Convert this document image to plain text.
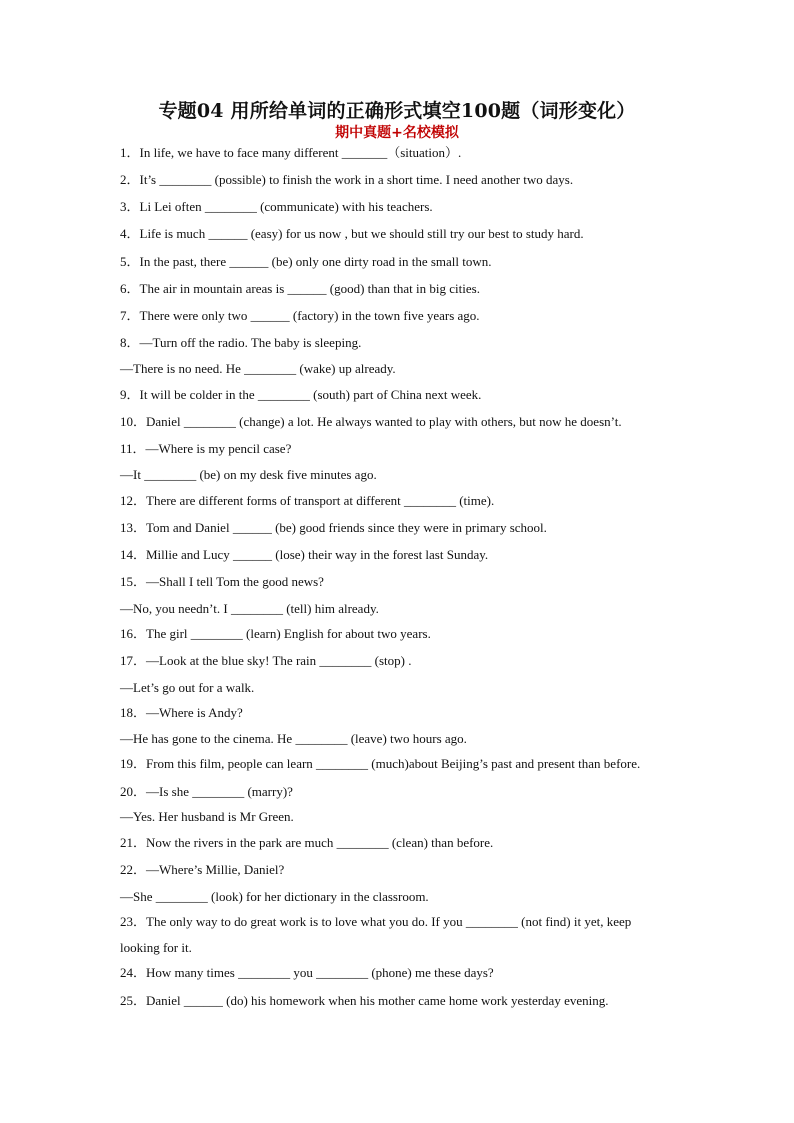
专题04 用所给单词的正确形式填空100题（词形变化）
期中真题+名校模拟
1．In life, we have to face many different _______（situation）.
2．It’s ________ (possible) to finish the work in a short time. I need another two days.
3．Li Lei often ________ (communicate) with his teachers.
4．Life is much ______ (easy) for us now , but we should still try our best to study hard.
5．In the past, there ______ (be) only one dirty road in the small town.
6．The air in mountain areas is ______ (good) than that in big cities.
7．There were only two ______ (factory) in the town five years ago.
8．—Turn off the radio. The baby is sleeping.
—There is no need. He ________ (wake) up already.
9．It will be colder in the ________ (south) part of China next week.
10．Daniel ________ (change) a lot. He always wanted to play with others, but now he doesn’t.
11．—Where is my pencil case?
—It ________ (be) on my desk five minutes ago.
12．There are different forms of transport at different ________ (time).
13．Tom and Daniel ______ (be) good friends since they were in primary school.
14．Millie and Lucy ______ (lose) their way in the forest last Sunday.
15．—Shall I tell Tom the good news?
—No, you needn’t. I ________ (tell) him already.
16．The girl ________ (learn) English for about two years.
17．—Look at the blue sky! The rain ________ (stop) .
—Let’s go out for a walk.
18．—Where is Andy?
—He has gone to the cinema. He ________ (leave) two hours ago.
19．From this film, people can learn ________ (much)about Beijing’s past and present than before.
20．—Is she ________ (marry)?
—Yes. Her husband is Mr Green.
21．Now the rivers in the park are much ________ (clean) than before.
22．—Where’s Millie, Daniel?
—She ________ (look) for her dictionary in the classroom.
23．The only way to do great work is to love what you do. If you ________ (not find) it yet, keep
looking for it.
24．How many times ________ you ________ (phone) me these days?
25．Daniel ______ (do) his homework when his mother came home work yesterday evening.
